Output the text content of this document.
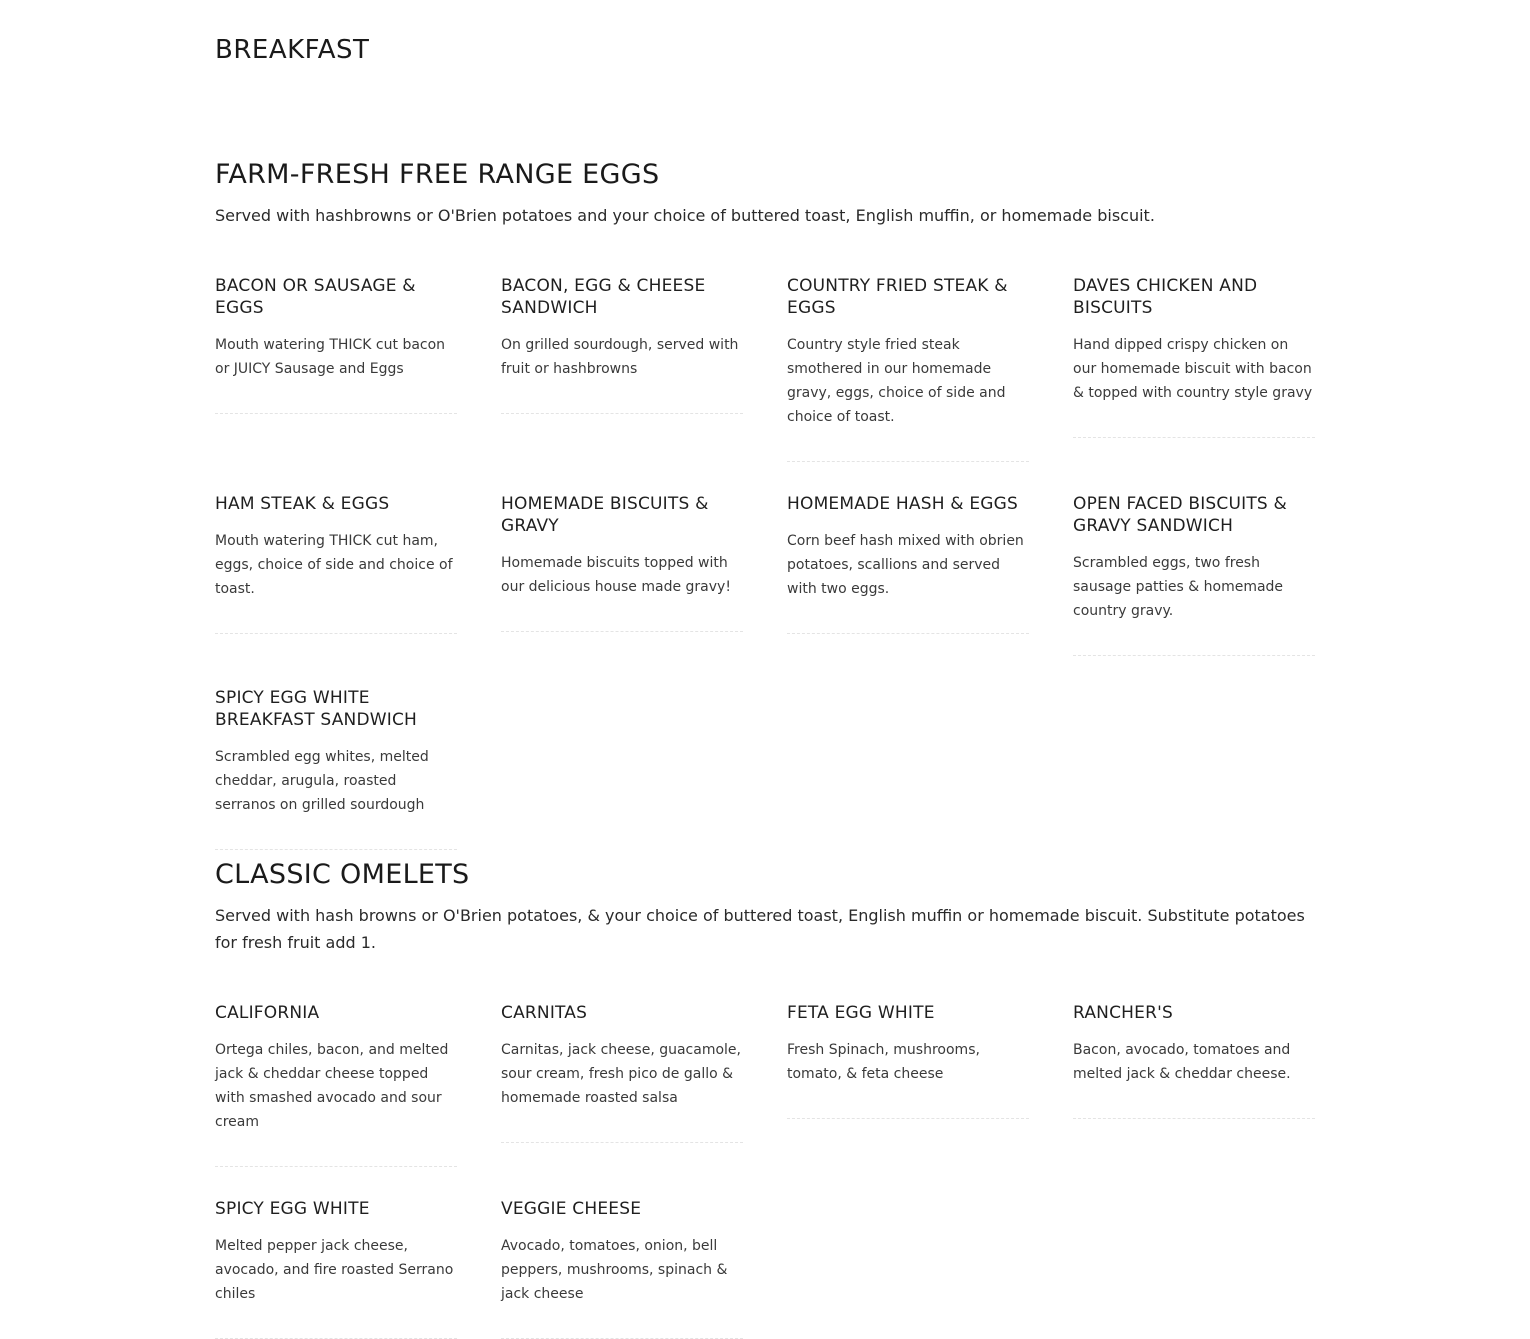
BREAKFAST
FARM-FRESH FREE RANGE EGGS

Served with hashbrowns or O'Brien potatoes and your choice of buttered toast, English muffin, or homemade biscuit.

BACON OR SAUSAGE & EGGS

Mouth watering THICK cut bacon or JUICY Sausage and Eggs

BACON, EGG & CHEESE SANDWICH

On grilled sourdough, served with fruit or hashbrowns

COUNTRY FRIED STEAK & EGGS

Country style fried steak smothered in our homemade gravy, eggs, choice of side and choice of toast.

DAVES CHICKEN AND BISCUITS

Hand dipped crispy chicken on our homemade biscuit with bacon & topped with country style gravy

HAM STEAK & EGGS

Mouth watering THICK cut ham, eggs, choice of side and choice of toast.

HOMEMADE BISCUITS & GRAVY

Homemade biscuits topped with our delicious house made gravy!

HOMEMADE HASH & EGGS

Corn beef hash mixed with obrien potatoes, scallions and served with two eggs.

OPEN FACED BISCUITS & GRAVY SANDWICH

Scrambled eggs, two fresh sausage patties & homemade country gravy.

SPICY EGG WHITE BREAKFAST SANDWICH

Scrambled egg whites, melted cheddar, arugula, roasted serranos on grilled sourdough

CLASSIC OMELETS

Served with hash browns or O'Brien potatoes, & your choice of buttered toast, English muffin or homemade biscuit. Substitute potatoes for fresh fruit add 1.

CALIFORNIA

Ortega chiles, bacon, and melted jack & cheddar cheese topped with smashed avocado and sour cream

CARNITAS

Carnitas, jack cheese, guacamole, sour cream, fresh pico de gallo & homemade roasted salsa

FETA EGG WHITE

Fresh Spinach, mushrooms, tomato, & feta cheese

RANCHER'S

Bacon, avocado, tomatoes and melted jack & cheddar cheese.

SPICY EGG WHITE

Melted pepper jack cheese, avocado, and fire roasted Serrano chiles

VEGGIE CHEESE

Avocado, tomatoes, onion, bell peppers, mushrooms, spinach & jack cheese
